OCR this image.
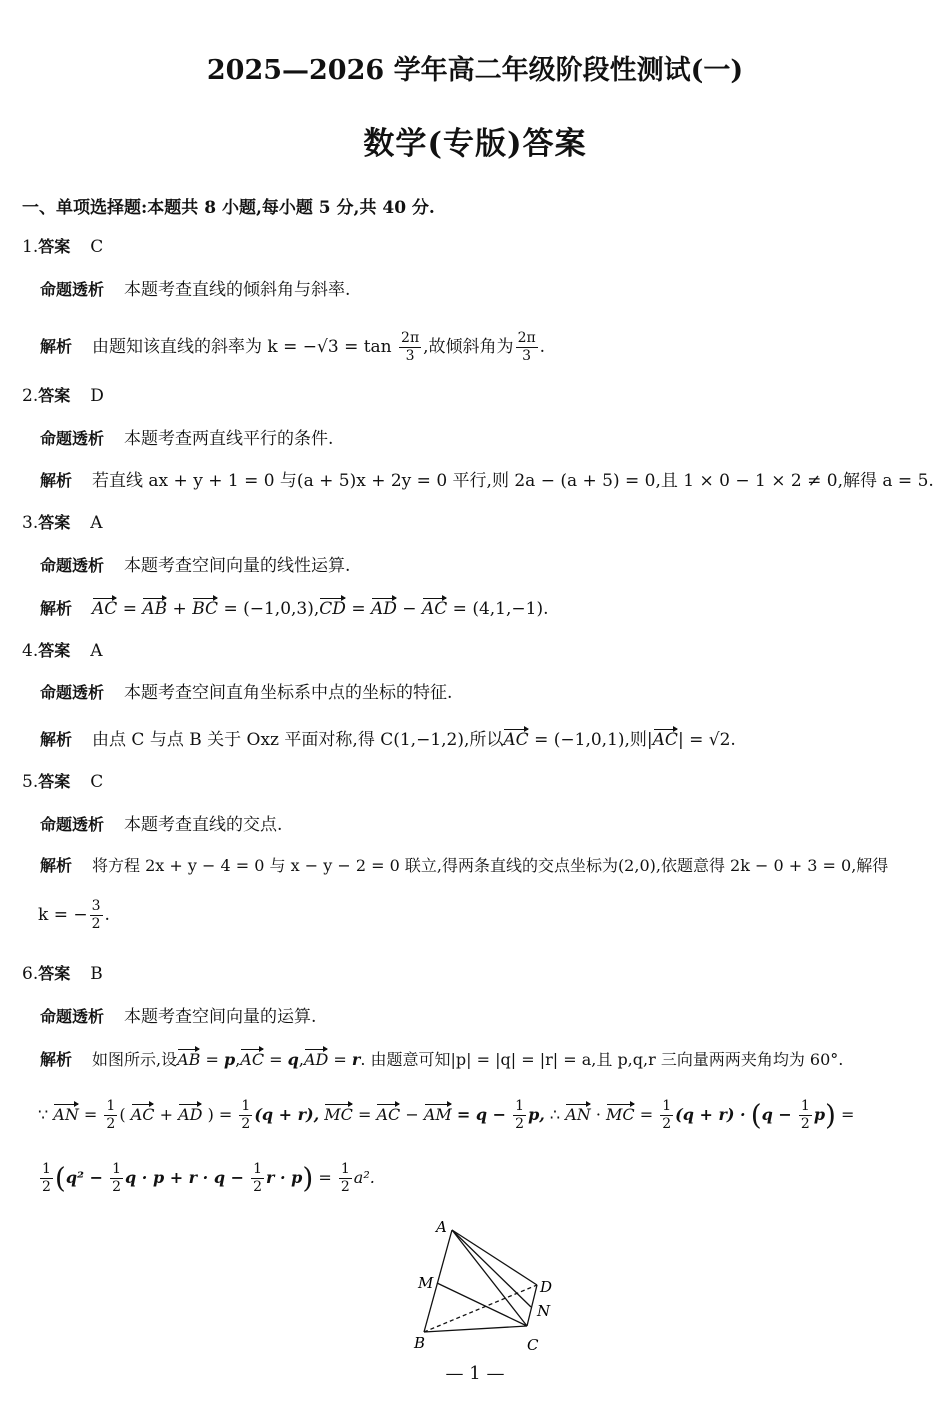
2025—2026 学年高二年级阶段性测试(一)
数学(专版)答案
一、单项选择题:本题共 8 小题,每小题 5 分,共 40 分.
1.答案 C
命题透析 本题考查直线的倾斜角与斜率.
解析 由题知该直线的斜率为 $k = -√3 = \tan \frac{2\pi}{3}$ ,故倾斜角为 $\frac{2\pi}{3}$ .
2.答案 D
命题透析 本题考查两直线平行的条件.
解析 若直线 ax + y + 1 = 0 与(a + 5)x + 2y = 0 平行,则 2a − (a + 5) = 0,且 1 × 0 − 1 × 2 ≠ 0,解得 a = 5.
3.答案 A
命题透析 本题考查空间向量的线性运算.
解析 AC = AB + BC = (−1,0,3),CD = AD − AC = (4,1,−1).
4.答案 A
命题透析 本题考查空间直角坐标系中点的坐标的特征.
解析 由点 C 与点 B 关于 Oxz 平面对称,得 C(1,−1,2),所以AC = (−1,0,1),则|AC| = √2.
5.答案 C
命题透析 本题考查直线的交点.
解析 将方程 2x + y − 4 = 0 与 x − y − 2 = 0 联立,得两条直线的交点坐标为(2,0),依题意得 2k − 0 + 3 = 0,解得
k = − $\frac{3}{2}$ .
6.答案 B
命题透析 本题考查空间向量的运算.
解析 如图所示,设AB = p,AC = q,AD = r. 由题意可知|p| = |q| = |r| = a,且 p,q,r 三向量两两夹角均为 60°.
∵ AN = $\frac{1}{2}$ ( AC + AD ) = $\frac{1}{2} (q + r)$, MC = AC − AM = $q - \frac{1}{2} p$, ∴ AN · MC = $\frac{1}{2} (q + r) \cdot (q - \frac{1}{2} p)$ =
$\frac{1}{2} (q^2 - \frac{1}{2}$ $q \cdot p + r \cdot q - \frac{1}{2}$ $r \cdot p) = \frac{1}{2} a^2$.
A
M
B	C
D
N
— 1 —
